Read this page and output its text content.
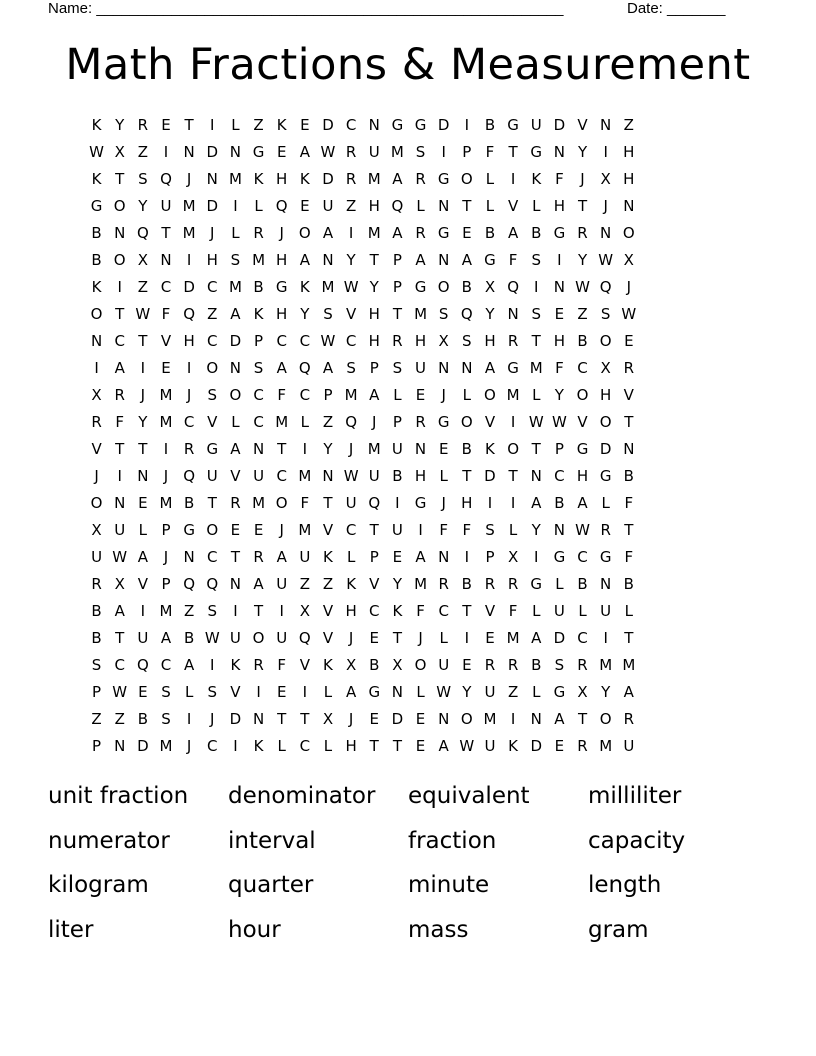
Name: ________________________________________________________	Date: _______
Math Fractions & Measurement
K Y R E T	I	L Z K E D C N G G D	I	B G U D V N Z
W X Z	I	N D N G E A W R U M S	I	P F T G N Y	I	H
K T S Q	J	N M K H K D R M A R G O L	I	K F	J	X H
G O Y U M D	I	L Q E U Z H Q L N T L V L H T	J	N
B N Q T M J	L R	J	O A	I M A R G E B A B G R N O
B O X N	I	H S M H A N Y T P A N A G F S	I	Y W X
K	I	Z C D C M B G K M W Y P G O B X Q	I	N W Q	J
O T W F Q Z A K H Y S V H T M S Q Y N S E Z S W
N C T V H C D P C C W C H R H X S H R T H B O E
I	A	I	E	I	O N S A Q A S P S U N N A G M F C X R
X R	J M J	S O C F C P M A L E	J	L O M L Y O H V
R F Y M C V L C M L Z Q	J	P R G O V	I W W V O T
V T T	I	R G A N T	I	Y	J M U N E B K O T P G D N
J	I	N	J	Q U V U C M N W U B H L T D T N C H G B
O N E M B T R M O F T U Q	I	G	J	H	I	I	A B A L F
X U L P G O E E	J M V C T U	I	F F S L Y N W R T
U W A	J	N C T R A U K L P E A N	I	P X	I	G C G F
R X V P Q Q N A U Z Z K V Y M R B R R G L B N B
B A	I M Z S	I	T	I	X V H C K F C T V F L U L U L
B T U A B W U O U Q V	J	E T	J	L	I	E M A D C	I	T
S C Q C A	I	K R F V K X B X O U E R R B S R M M
P W E S L S V	I	E	I	L A G N L W Y U Z L G X Y A
Z Z B S	I	J	D N T T X	J	E D E N O M I	N A T O R
P N D M J	C	I	K L C L H T T E A W U K D E R M U
unit fraction	denominator	equivalent	milliliter
numerator	interval	fraction	capacity
kilogram	quarter	minute	length
liter	hour	mass	gram
